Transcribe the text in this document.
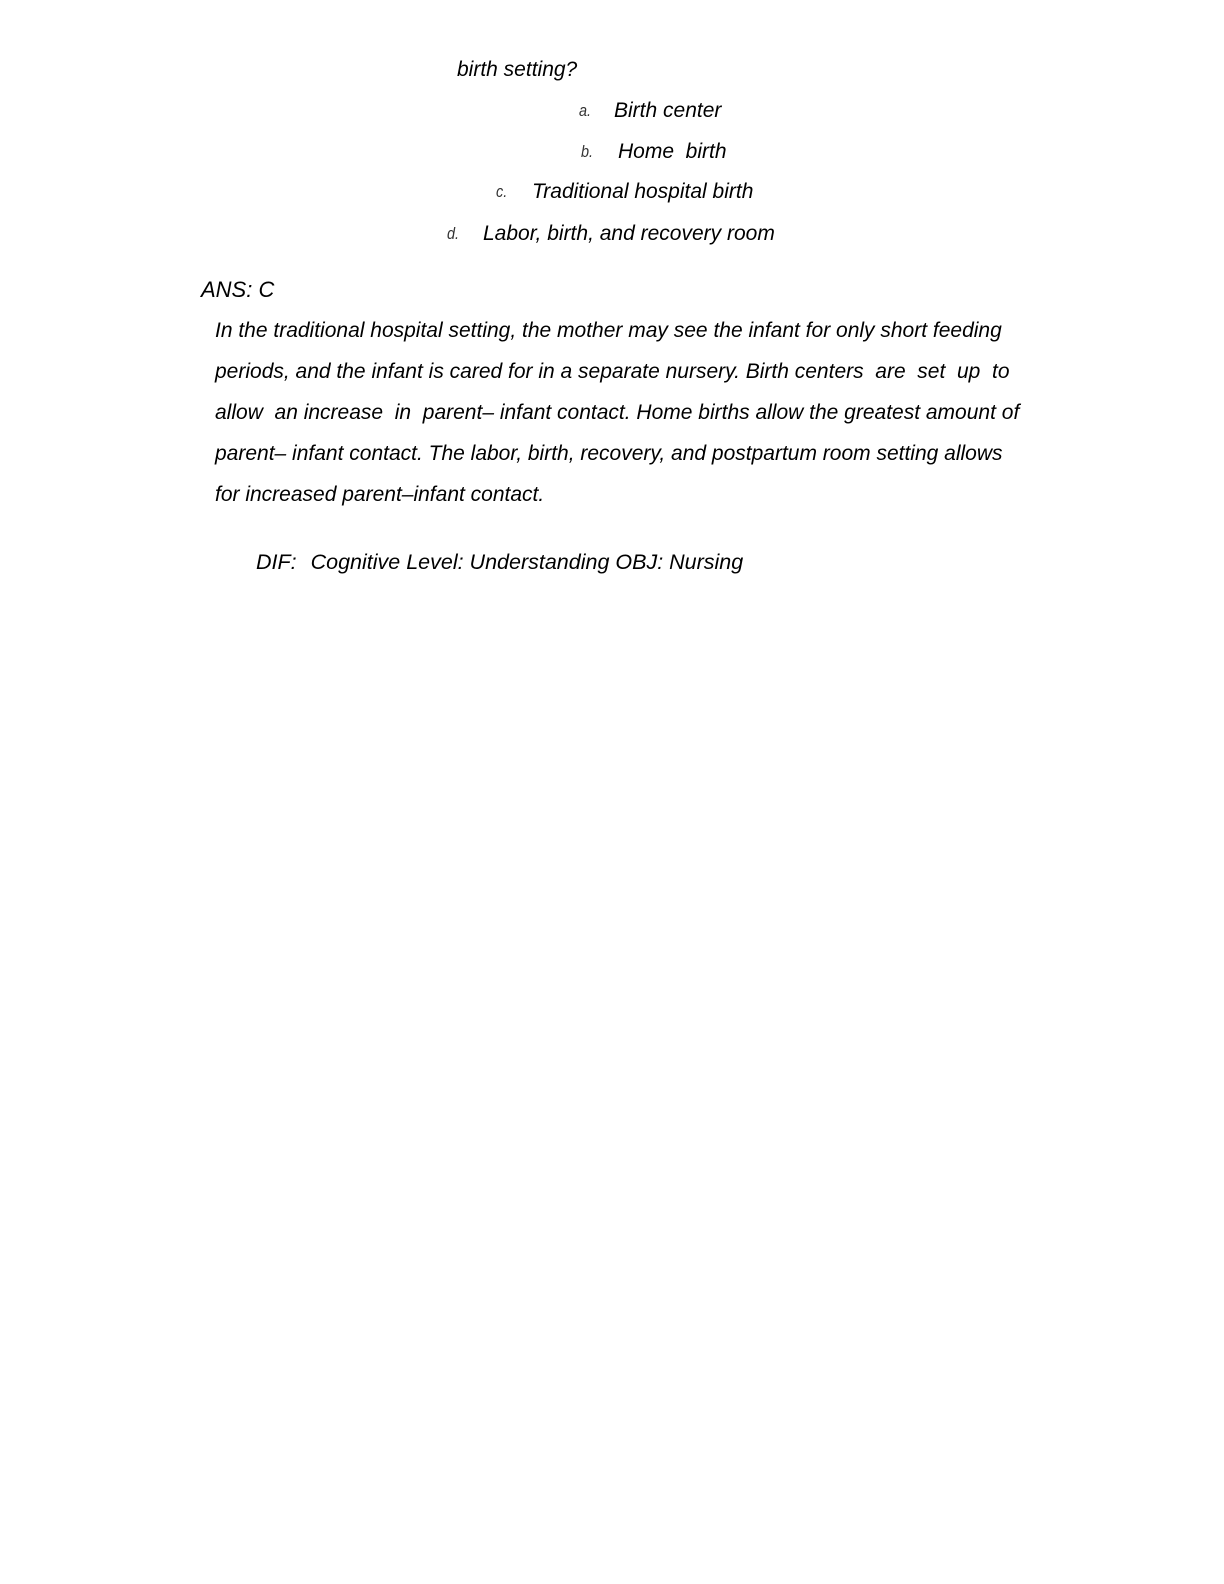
birth setting?
a. Birth center
b. Home  birth
c. Traditional hospital birth
d. Labor, birth, and recovery room
ANS: C
In the traditional hospital setting, the mother may see the infant for only short feeding
periods, and the infant is cared for in a separate nursery. Birth centers  are  set  up  to
allow  an increase  in  parent– infant contact. Home births allow the greatest amount of
parent– infant contact. The labor, birth, recovery, and postpartum room setting allows
for increased parent–infant contact.
DIF: Cognitive Level: Understanding OBJ: Nursing
